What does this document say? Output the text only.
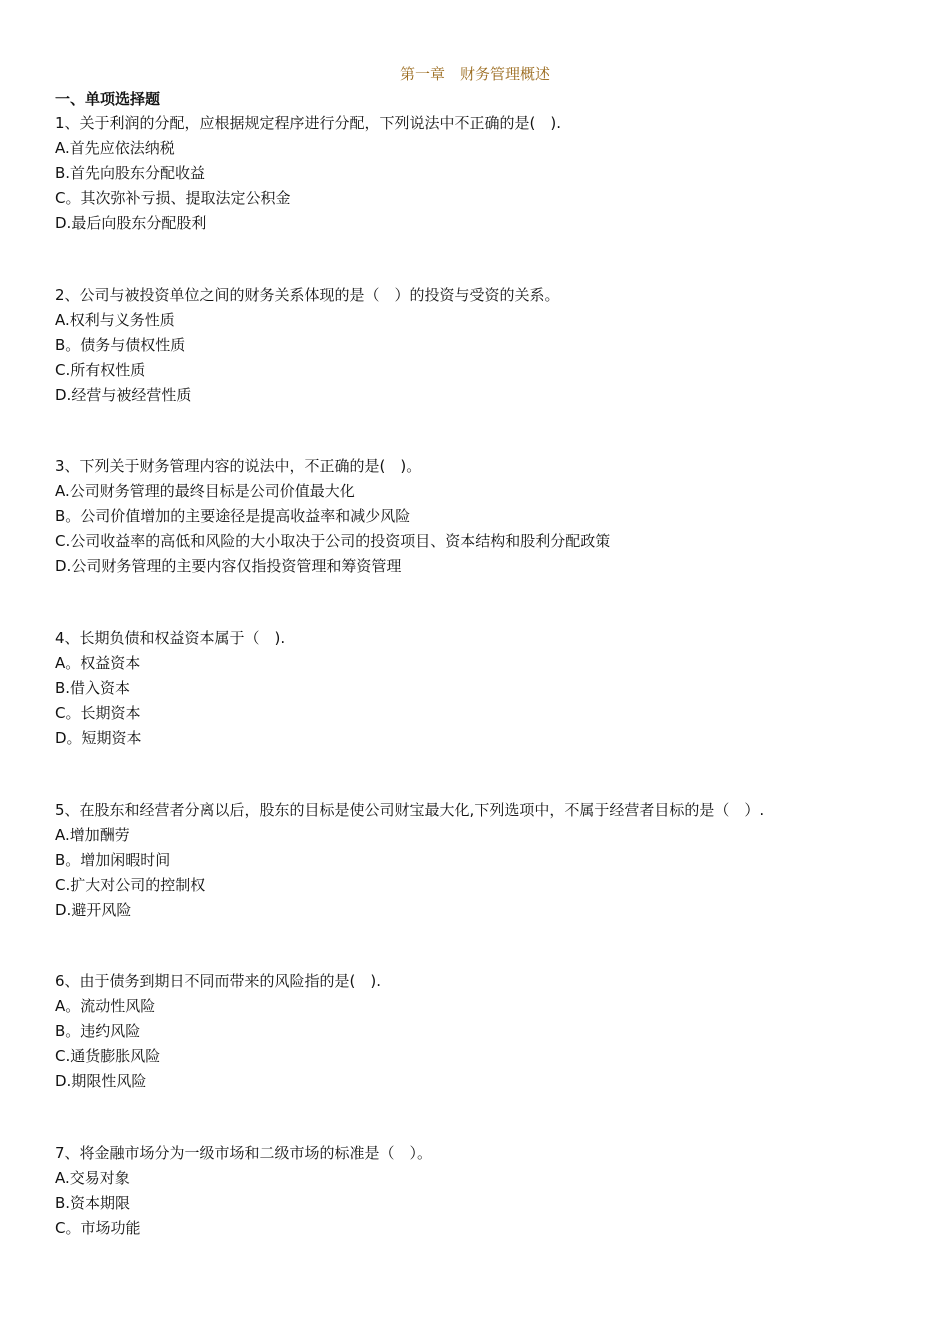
第一章　财务管理概述
一、单项选择题
1、关于利润的分配，应根据规定程序进行分配，下列说法中不正确的是(　).
A.首先应依法纳税
B.首先向股东分配收益
C。其次弥补亏损、提取法定公积金
D.最后向股东分配股利
2、公司与被投资单位之间的财务关系体现的是（　）的投资与受资的关系。
A.权利与义务性质
B。债务与债权性质
C.所有权性质
D.经营与被经营性质
3、下列关于财务管理内容的说法中，不正确的是(　)。
A.公司财务管理的最终目标是公司价值最大化
B。公司价值增加的主要途径是提高收益率和减少风险
C.公司收益率的高低和风险的大小取决于公司的投资项目、资本结构和股利分配政策
D.公司财务管理的主要内容仅指投资管理和筹资管理
4、长期负债和权益资本属于（　).
A。权益资本
B.借入资本
C。长期资本
D。短期资本
5、在股东和经营者分离以后，股东的目标是使公司财宝最大化,下列选项中，不属于经营者目标的是（　）.
A.增加酬劳
B。增加闲暇时间
C.扩大对公司的控制权
D.避开风险
6、由于债务到期日不同而带来的风险指的是(　).
A。流动性风险
B。违约风险
C.通货膨胀风险
D.期限性风险
7、将金融市场分为一级市场和二级市场的标准是（　）。
A.交易对象
B.资本期限
C。市场功能
